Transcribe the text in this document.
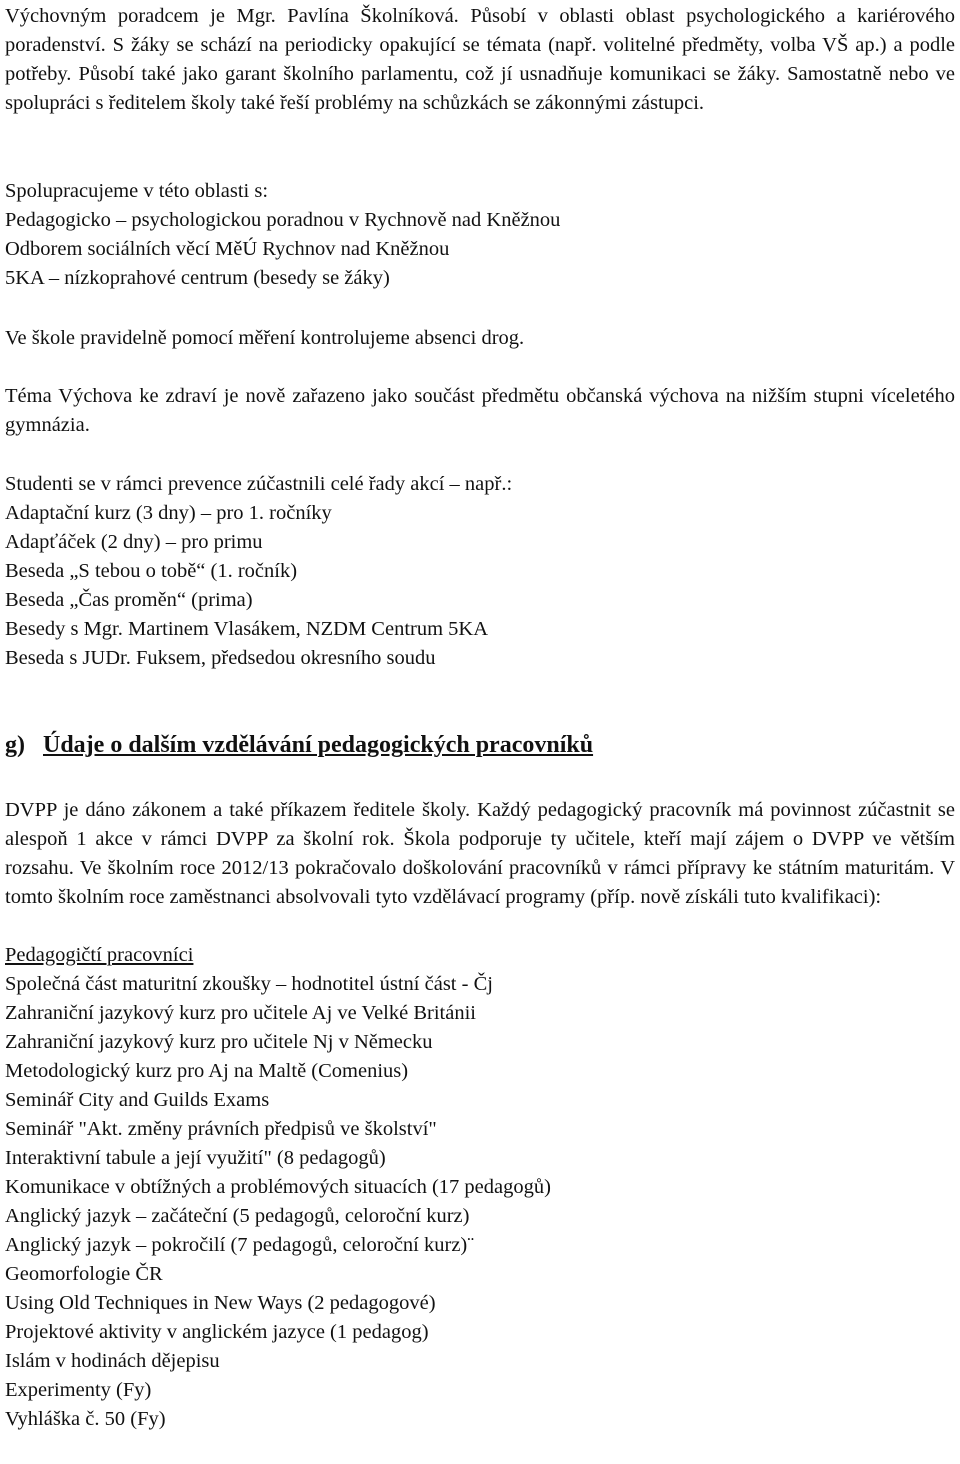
Výchovným poradcem je Mgr. Pavlína Školníková. Působí v oblasti oblast psychologického a kariérového poradenství. S žáky se schází na periodicky opakující se témata (např. volitelné předměty, volba VŠ ap.) a podle potřeby. Působí také jako garant školního parlamentu, což jí usnadňuje komunikaci se žáky. Samostatně nebo ve spolupráci s ředitelem školy také řeší problémy na schůzkách se zákonnými zástupci.

Spolupracujeme v této oblasti s:

Pedagogicko – psychologickou poradnou v Rychnově nad Kněžnou

Odborem sociálních věcí MěÚ Rychnov nad Kněžnou

5KA – nízkoprahové centrum (besedy se žáky)

Ve škole pravidelně pomocí měření kontrolujeme absenci drog.

Téma Výchova ke zdraví je nově zařazeno jako součást předmětu občanská výchova na nižším stupni víceletého gymnázia.

Studenti se v rámci prevence zúčastnili celé řady akcí – např.:

Adaptační kurz (3 dny) – pro 1. ročníky

Adapťáček (2 dny) – pro primu

Beseda „S tebou o tobě“ (1. ročník)

Beseda „Čas proměn“ (prima)

Besedy s Mgr. Martinem Vlasákem, NZDM Centrum 5KA

Beseda s JUDr. Fuksem, předsedou okresního soudu

g) Údaje o dalším vzdělávání pedagogických pracovníků

DVPP je dáno zákonem a také příkazem ředitele školy. Každý pedagogický pracovník má povinnost zúčastnit se alespoň 1 akce v rámci DVPP za školní rok. Škola podporuje ty učitele, kteří mají zájem o DVPP ve větším rozsahu. Ve školním roce 2012/13 pokračovalo doškolování pracovníků v rámci přípravy ke státním maturitám. V tomto školním roce zaměstnanci absolvovali tyto vzdělávací programy (příp. nově získáli tuto kvalifikaci):

Pedagogičtí pracovníci

Společná část maturitní zkoušky – hodnotitel ústní část - Čj

Zahraniční jazykový kurz pro učitele Aj ve Velké Británii

Zahraniční jazykový kurz pro učitele Nj v Německu

Metodologický kurz pro Aj na Maltě (Comenius)

Seminář City and Guilds Exams

Seminář "Akt. změny právních předpisů ve školství"

Interaktivní tabule a její využití" (8 pedagogů)

Komunikace v obtížných a problémových situacích (17 pedagogů)

Anglický jazyk – začáteční (5 pedagogů, celoroční kurz)

Anglický jazyk – pokročilí (7 pedagogů, celoroční kurz)¨

Geomorfologie ČR

Using Old Techniques in New Ways (2 pedagogové)

Projektové aktivity v anglickém jazyce (1 pedagog)

Islám v hodinách dějepisu

Experimenty (Fy)

Vyhláška č. 50 (Fy)
